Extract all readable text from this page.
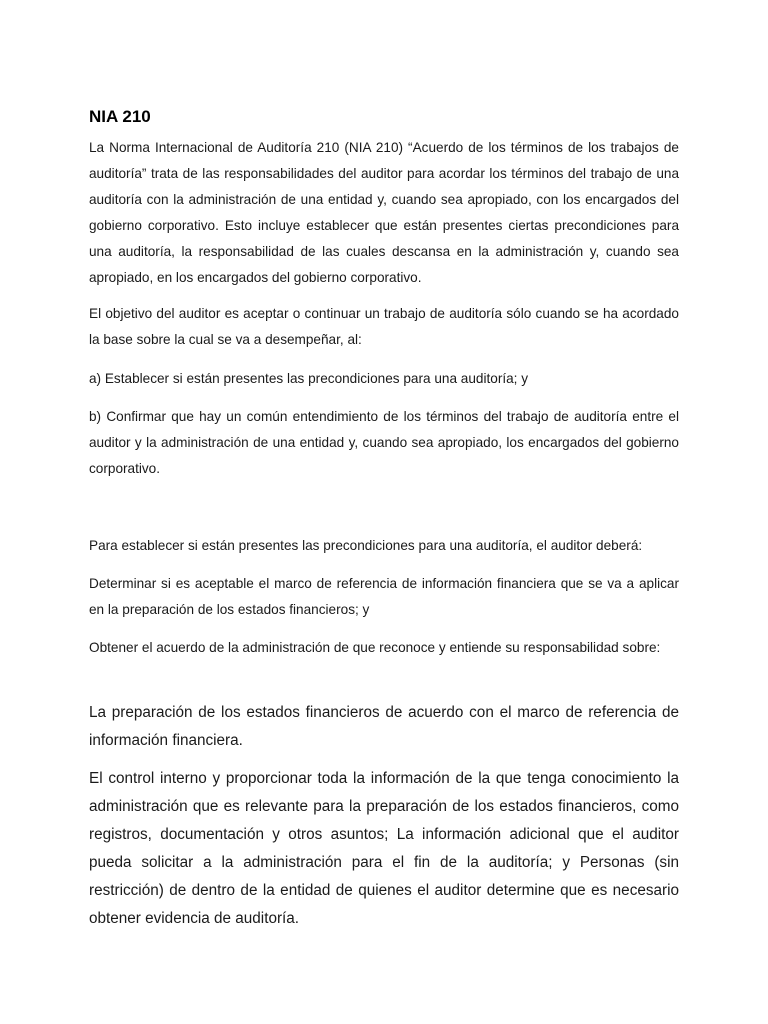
NIA 210

La Norma Internacional de Auditoría 210 (NIA 210) “Acuerdo de los términos de los trabajos de auditoría” trata de las responsabilidades del auditor para acordar los términos del trabajo de una auditoría con la administración de una entidad y, cuando sea apropiado, con los encargados del gobierno corporativo. Esto incluye establecer que están presentes ciertas precondiciones para una auditoría, la responsabilidad de las cuales descansa en la administración y, cuando sea apropiado, en los encargados del gobierno corporativo.

El objetivo del auditor es aceptar o continuar un trabajo de auditoría sólo cuando se ha acordado la base sobre la cual se va a desempeñar, al:

a) Establecer si están presentes las precondiciones para una auditoría; y

b) Confirmar que hay un común entendimiento de los términos del trabajo de auditoría entre el auditor y la administración de una entidad y, cuando sea apropiado, los encargados del gobierno corporativo.

Para establecer si están presentes las precondiciones para una auditoría, el auditor deberá:

Determinar si es aceptable el marco de referencia de información financiera que se va a aplicar en la preparación de los estados financieros; y

Obtener el acuerdo de la administración de que reconoce y entiende su responsabilidad sobre:

La preparación de los estados financieros de acuerdo con el marco de referencia de información financiera.

El control interno y proporcionar toda la información de la que tenga conocimiento la administración que es relevante para la preparación de los estados financieros, como registros, documentación y otros asuntos; La información adicional que el auditor pueda solicitar a la administración para el fin de la auditoría; y Personas (sin restricción) de dentro de la entidad de quienes el auditor determine que es necesario obtener evidencia de auditoría.
